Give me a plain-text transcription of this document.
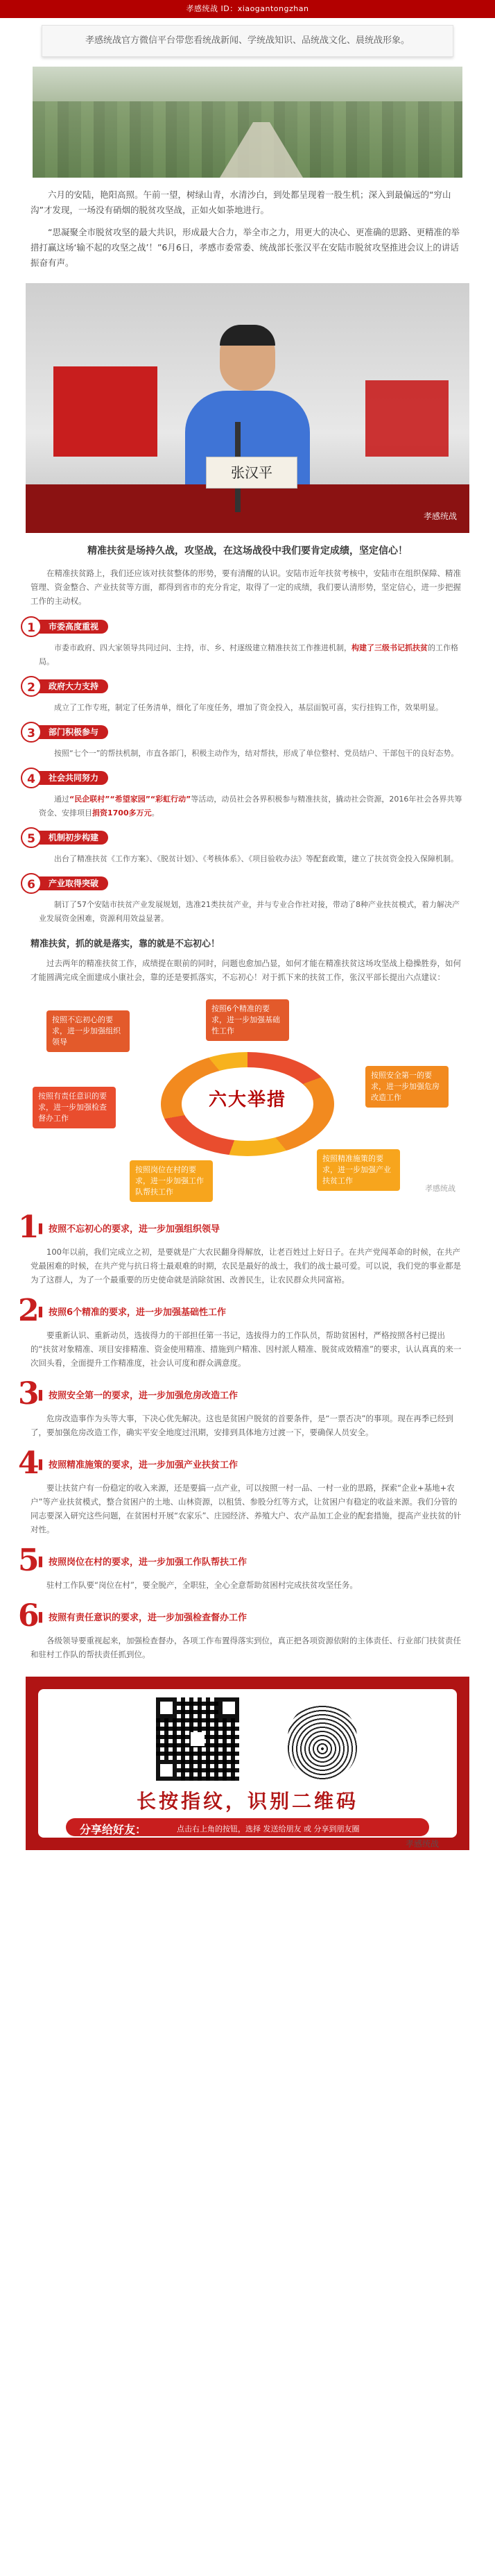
孝感统战 ID：xiaogantongzhan
孝感统战官方微信平台带您看统战新闻、学统战知识、品统战文化、晨统战形象。

六月的安陆，艳阳高照。午前一望，树绿山青，水清沙白，到处都呈现着一股生机；深入到最偏远的“穷山沟”才发现，一场没有硝烟的脱贫攻坚战，正如火如荼地进行。

“思凝聚全市脱贫攻坚的最大共识，形成最大合力，举全市之力，用更大的决心、更准确的思路、更精准的举措打赢这场‘输不起的攻坚之战’！”6月6日，孝感市委常委、统战部长张汉平在安陆市脱贫攻坚推进会议上的讲话振奋有声。

张汉平
孝感统战
精准扶贫是场持久战，攻坚战，在这场战役中我们要肯定成绩，坚定信心！

在精准扶贫路上，我们还应该对扶贫整体的形势，要有清醒的认识。安陆市近年扶贫考核中，安陆市在组织保障、精准管理、资金整合、产业扶贫等方面，都得到省市的充分肯定，取得了一定的成绩，我们要认清形势，坚定信心，进一步把握工作的主动权。

1	市委高度重视

市委市政府、四大家领导共同过问、主持，市、乡、村逐级建立精准扶贫工作推进机制，构建了三级书记抓扶贫的工作格局。

2	政府大力支持

成立了工作专班，制定了任务清单，细化了年度任务，增加了资金投入，基层面貌可喜，实行挂钩工作，效果明显。

3	部门积极参与

按照“七个一”的帮扶机制，市直各部门，积极主动作为，结对帮扶，形成了单位整村、党员结户、干部包干的良好态势。

4	社会共同努力

通过“民企联村”“希望家园”“彩虹行动”等活动，动员社会各界积极参与精准扶贫，撬动社会资源，2016年社会各界共筹资金、安排项目捐资1700多万元。

5	机制初步构建

出台了精准扶贫《工作方案》、《脱贫计划》、《考核体系》、《项目验收办法》等配套政策，建立了扶贫资金投入保障机制。

6	产业取得突破

制订了57个安陆市扶贫产业发展规划，选准21类扶贫产业，并与专业合作社对接，带动了8种产业扶贫模式，着力解决产业发展资金困难，资源利用效益显著。

精准扶贫，抓的就是落实，靠的就是不忘初心！

过去两年的精准扶贫工作，成绩提在眼前的同时，问题也愈加凸显，如何才能在精准扶贫这场攻坚战上稳操胜券，如何才能圆满完成全面建成小康社会，靠的还是要抓落实，不忘初心！对于抓下来的扶贫工作，张汉平部长提出六点建议：

六大举措
按照不忘初心的要求，进一步加强组织领导
按照6个精准的要求，进一步加强基础性工作
按照安全第一的要求，进一步加强危房改造工作
按照精准施策的要求，进一步加强产业扶贫工作
按照岗位在村的要求，进一步加强工作队帮扶工作
按照有责任意识的要求，进一步加强检查督办工作
孝感统战
1	▌ 按照不忘初心的要求，进一步加强组织领导

100年以前，我们完成立之初，是要就是广大农民翻身得解放，让老百姓过上好日子。在共产党闯革命的时候，在共产党最困难的时候，在共产党与抗日将士最艰难的时期，农民是最好的战士，我们的战士最可爱。可以说，我们党的事业都是为了这群人，为了一个最重要的历史使命就是消除贫困、改善民生，让农民群众共同富裕。

2	▌ 按照6个精准的要求，进一步加强基础性工作

要重新认识、重新动员，选拔得力的干部担任第一书记，选拔得力的工作队员，帮助贫困村，严格按照各村已提出的“扶贫对象精准、项目安排精准、资金使用精准、措施到户精准、因村派人精准、脱贫成效精准”的要求，认认真真的来一次回头看，全面提升工作精准度，社会认可度和群众满意度。

3	▌ 按照安全第一的要求，进一步加强危房改造工作

危房改造事作为头等大事，下决心优先解决。这也是贫困户脱贫的首要条件，是“一票否决”的事项。现在再季已经到了，要加强危房改造工作，确实平安全地度过汛期，安排到具体地方过渡一下，要确保人员安全。

4	▌ 按照精准施策的要求，进一步加强产业扶贫工作

要让扶贫户有一份稳定的收入来源，还是要搞一点产业，可以按照一村一品、一村一业的思路，探索“企业+基地+农户”等产业扶贫模式，整合贫困户的土地、山林资源，以租赁、参股分红等方式，让贫困户有稳定的收益来源。我们分管的同志要深入研究这些问题，在贫困村开展“农家乐”、庄园经济、养殖大户、农产品加工企业的配套措施，提高产业扶贫的针对性。

5	▌ 按照岗位在村的要求，进一步加强工作队帮扶工作

驻村工作队要“岗位在村”，要全脱产，全职驻，全心全意帮助贫困村完成扶贫攻坚任务。

6	▌ 按照有责任意识的要求，进一步加强检查督办工作

各级领导要重视起来，加强检查督办，各项工作布置得落实到位，真正把各项资源依附的主体责任、行业部门扶贫责任和驻村工作队的帮扶责任抓到位。

长按指纹，识别二维码
分享给好友：	点击右上角的按钮，选择 发送给朋友 或 分享到朋友圈
孝感统战
